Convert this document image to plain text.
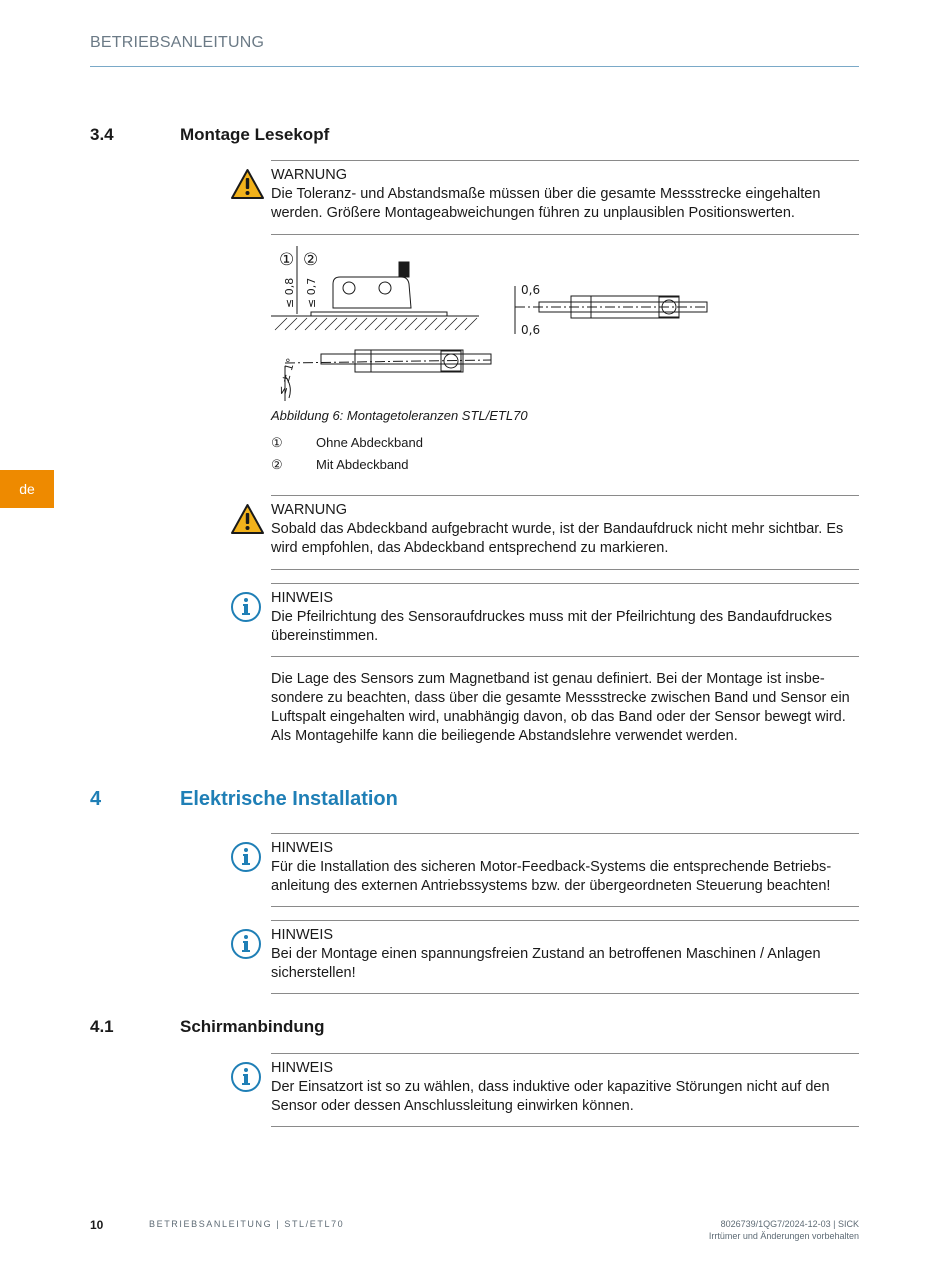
BETRIEBSANLEITUNG
de
3.4	Montage Lesekopf
WARNUNG
Die Toleranz- und Abstandsmaße müssen über die gesamte Messstrecke eingehalten werden. Größere Montageabweichungen führen zu unplausiblen Positionswerten.
① ②
≤ 0,8 ≤ 0,7	0,6
0,6
≤ ± 1°
Abbildung 6: Montagetoleranzen STL/ETL70
①	Ohne Abdeckband
②	Mit Abdeckband
WARNUNG
Sobald das Abdeckband aufgebracht wurde, ist der Bandaufdruck nicht mehr sichtbar. Es wird empfohlen, das Abdeckband entsprechend zu markieren.
HINWEIS
Die Pfeilrichtung des Sensoraufdruckes muss mit der Pfeilrichtung des Bandaufdruckes übereinstimmen.
Die Lage des Sensors zum Magnetband ist genau definiert. Bei der Montage ist insbesondere zu beachten, dass über die gesamte Messstrecke zwischen Band und Sensor ein Luftspalt eingehalten wird, unabhängig davon, ob das Band oder der Sensor bewegt wird. Als Montagehilfe kann die beiliegende Abstandslehre verwendet werden.
4	Elektrische Installation
HINWEIS
Für die Installation des sicheren Motor-Feedback-Systems die entsprechende Betriebsanleitung des externen Antriebssystems bzw. der übergeordneten Steuerung beachten!
HINWEIS
Bei der Montage einen spannungsfreien Zustand an betroffenen Maschinen / Anlagen sicherstellen!
4.1	Schirmanbindung
HINWEIS
Der Einsatzort ist so zu wählen, dass induktive oder kapazitive Störungen nicht auf den Sensor oder dessen Anschlussleitung einwirken können.
10	BETRIEBSANLEITUNG | STL/ETL70	8026739/1QG7/2024-12-03 | SICK
Irrtümer und Änderungen vorbehalten
